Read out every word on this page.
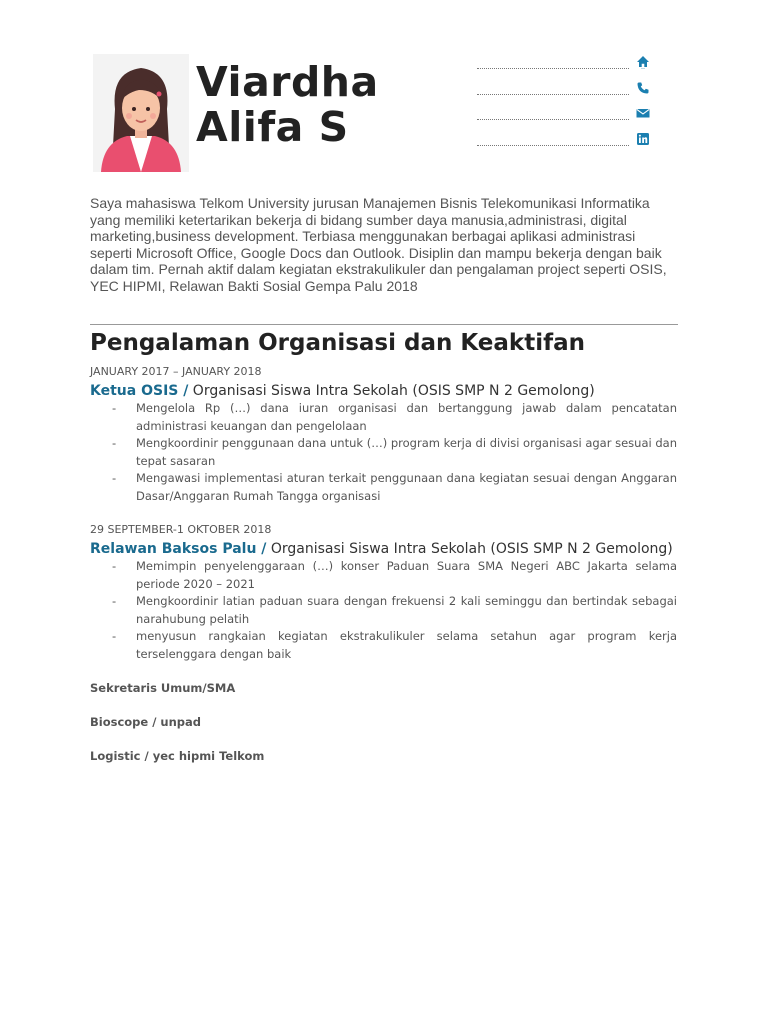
Viardha
Alifa S

Saya mahasiswa Telkom University jurusan Manajemen Bisnis Telekomunikasi Informatika yang memiliki ketertarikan bekerja di bidang sumber daya manusia,administrasi, digital marketing,business development. Terbiasa menggunakan berbagai aplikasi administrasi seperti Microsoft Office, Google Docs dan Outlook. Disiplin dan mampu bekerja dengan baik dalam tim. Pernah aktif dalam kegiatan ekstrakulikuler dan pengalaman project seperti OSIS, YEC HIPMI, Relawan Bakti Sosial Gempa Palu 2018

Pengalaman Organisasi dan Keaktifan

JANUARY 2017 – JANUARY 2018

Ketua OSIS / Organisasi Siswa Intra Sekolah (OSIS SMP N 2 Gemolong)

- Mengelola Rp (…) dana iuran organisasi dan bertanggung jawab dalam pencatatan administrasi keuangan dan pengelolaan
- Mengkoordinir penggunaan dana untuk (…) program kerja di divisi organisasi agar sesuai dan tepat sasaran
- Mengawasi implementasi aturan terkait penggunaan dana kegiatan sesuai dengan Anggaran Dasar/Anggaran Rumah Tangga organisasi

29 SEPTEMBER-1 OKTOBER 2018

Relawan Baksos Palu / Organisasi Siswa Intra Sekolah (OSIS SMP N 2 Gemolong)

- Memimpin penyelenggaraan (…) konser Paduan Suara SMA Negeri ABC Jakarta selama periode 2020 – 2021
- Mengkoordinir latian paduan suara dengan frekuensi 2 kali seminggu dan bertindak sebagai narahubung pelatih
- menyusun rangkaian kegiatan ekstrakulikuler selama setahun agar program kerja terselenggara dengan baik

Sekretaris Umum/SMA

Bioscope / unpad

Logistic / yec hipmi Telkom
